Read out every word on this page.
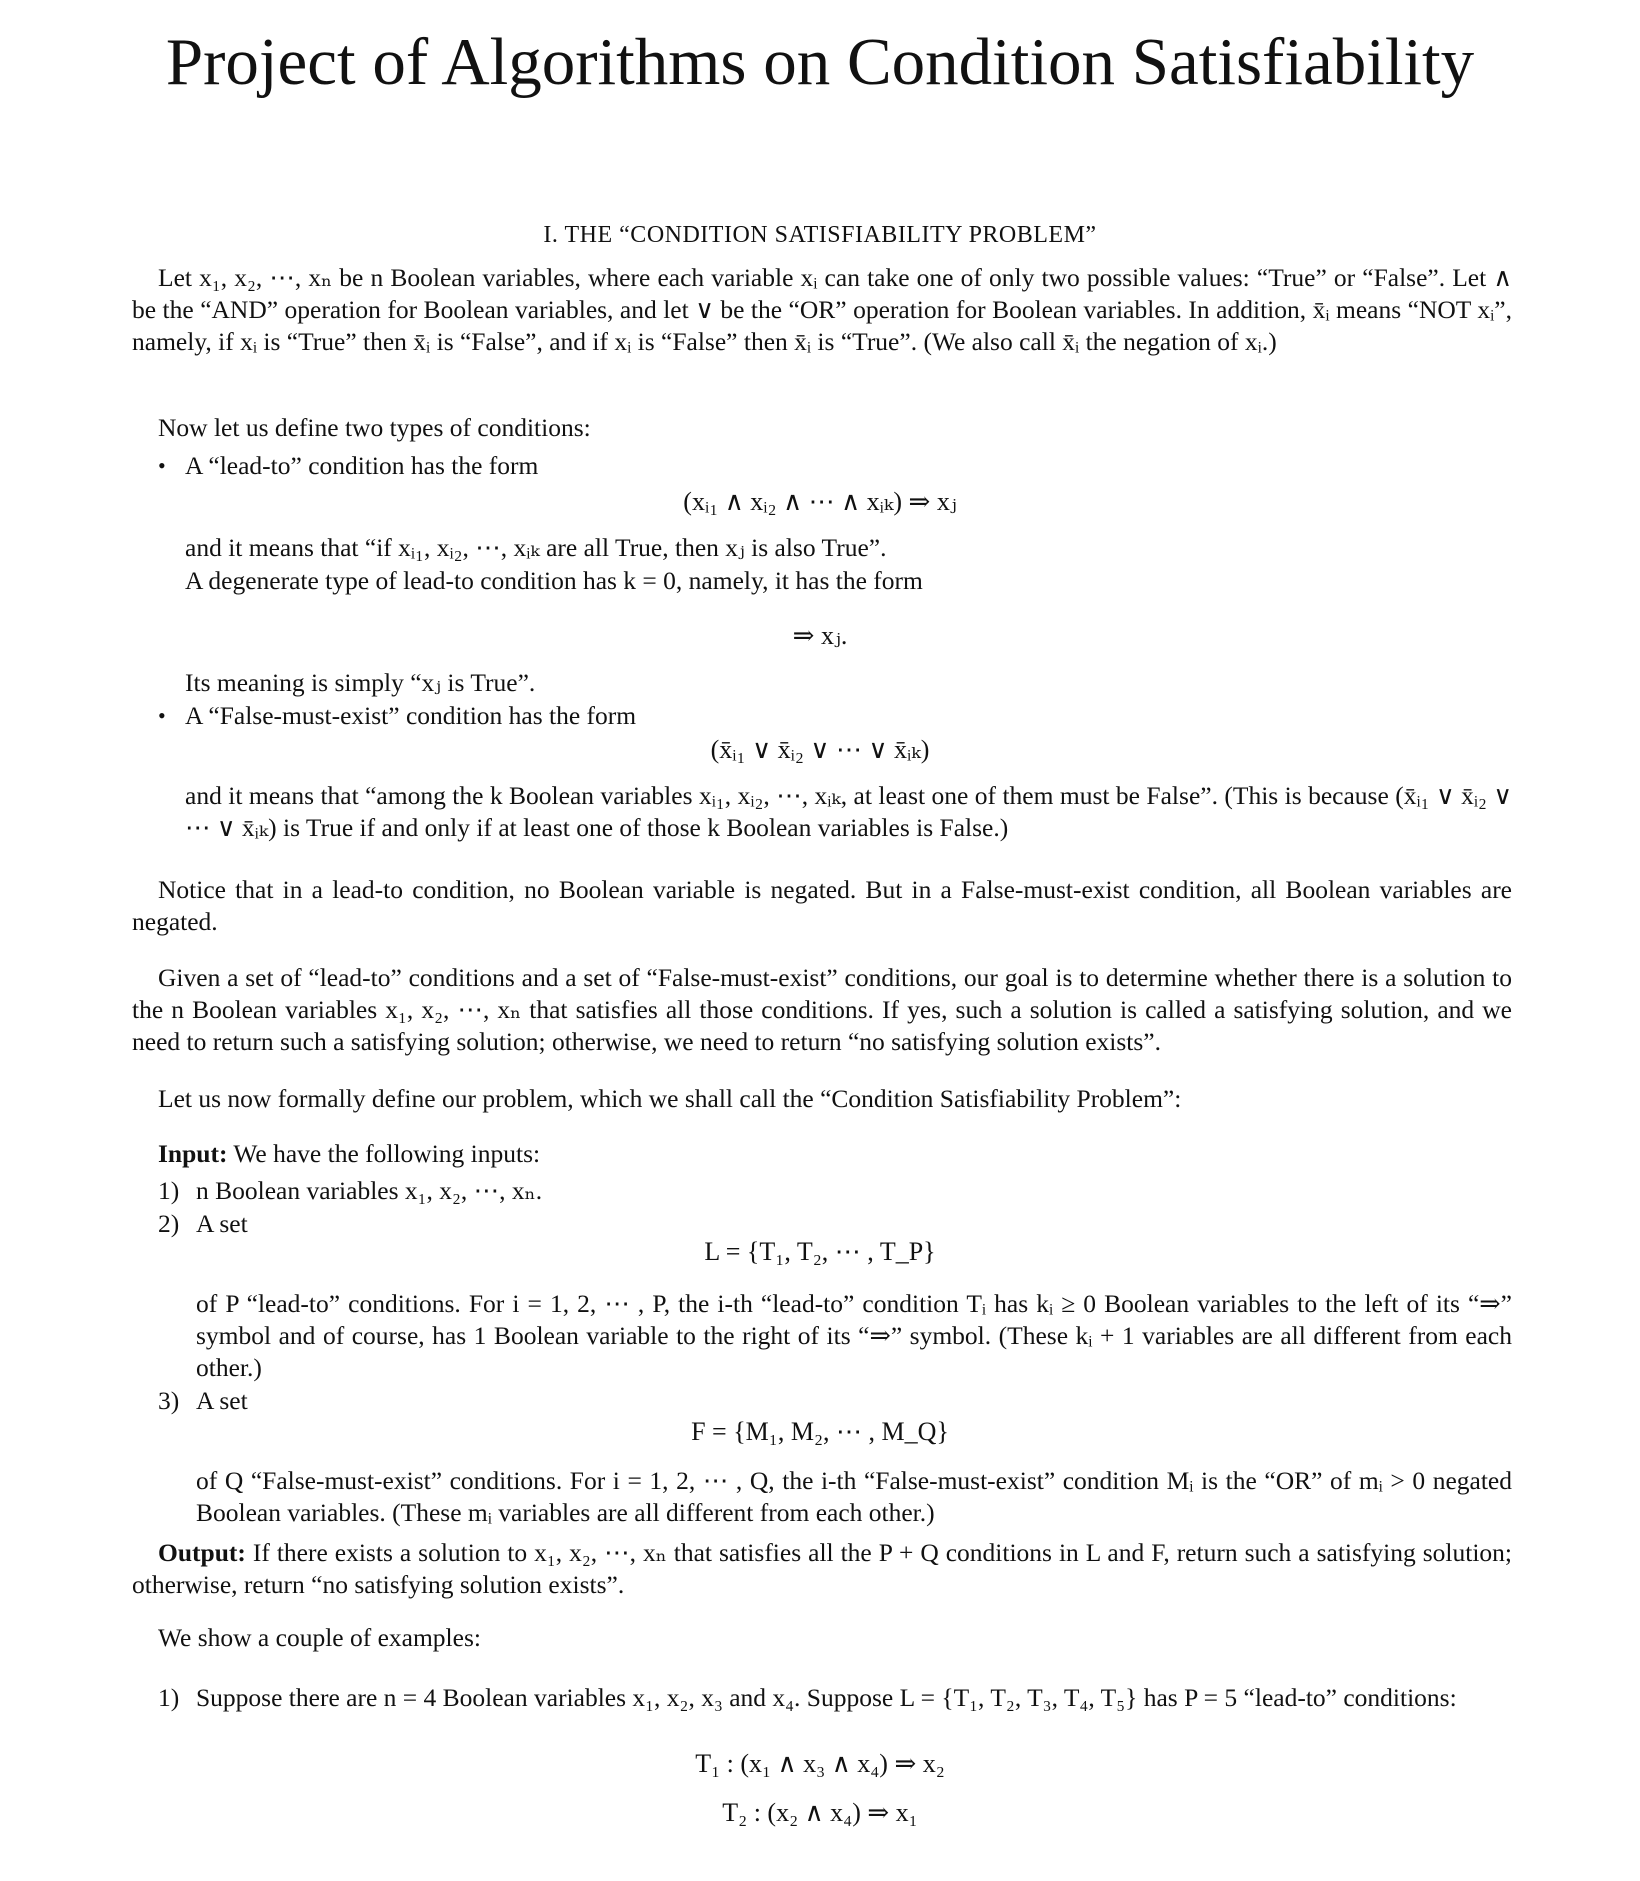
Project of Algorithms on Condition Satisfiability
I. THE “CONDITION SATISFIABILITY PROBLEM”
Let x₁, x₂, ⋯, xₙ be n Boolean variables, where each variable xᵢ can take one of only two possible values: “True” or “False”. Let ∧ be the “AND” operation for Boolean variables, and let ∨ be the “OR” operation for Boolean variables. In addition, x̄ᵢ means “NOT xᵢ”, namely, if xᵢ is “True” then x̄ᵢ is “False”, and if xᵢ is “False” then x̄ᵢ is “True”. (We also call x̄ᵢ the negation of xᵢ.)
Now let us define two types of conditions:
• A “lead-to” condition has the form
(xᵢ₁ ∧ xᵢ₂ ∧ ⋯ ∧ xᵢₖ) ⇒ xⱼ
and it means that “if xᵢ₁, xᵢ₂, ⋯, xᵢₖ are all True, then xⱼ is also True”.
A degenerate type of lead-to condition has k = 0, namely, it has the form
⇒ xⱼ.
Its meaning is simply “xⱼ is True”.
• A “False-must-exist” condition has the form
(x̄ᵢ₁ ∨ x̄ᵢ₂ ∨ ⋯ ∨ x̄ᵢₖ)
and it means that “among the k Boolean variables xᵢ₁, xᵢ₂, ⋯, xᵢₖ, at least one of them must be False”. (This is because (x̄ᵢ₁ ∨ x̄ᵢ₂ ∨ ⋯ ∨ x̄ᵢₖ) is True if and only if at least one of those k Boolean variables is False.)
Notice that in a lead-to condition, no Boolean variable is negated. But in a False-must-exist condition, all Boolean variables are negated.
Given a set of “lead-to” conditions and a set of “False-must-exist” conditions, our goal is to determine whether there is a solution to the n Boolean variables x₁, x₂, ⋯, xₙ that satisfies all those conditions. If yes, such a solution is called a satisfying solution, and we need to return such a satisfying solution; otherwise, we need to return “no satisfying solution exists”.
Let us now formally define our problem, which we shall call the “Condition Satisfiability Problem”:
Input: We have the following inputs:
1) n Boolean variables x₁, x₂, ⋯, xₙ.
2) A set
L = {T₁, T₂, ⋯ , T_P}
of P “lead-to” conditions. For i = 1, 2, ⋯ , P, the i-th “lead-to” condition Tᵢ has kᵢ ≥ 0 Boolean variables to the left of its “⇒” symbol and of course, has 1 Boolean variable to the right of its “⇒” symbol. (These kᵢ + 1 variables are all different from each other.)
3) A set
F = {M₁, M₂, ⋯ , M_Q}
of Q “False-must-exist” conditions. For i = 1, 2, ⋯ , Q, the i-th “False-must-exist” condition Mᵢ is the “OR” of mᵢ > 0 negated Boolean variables. (These mᵢ variables are all different from each other.)
Output: If there exists a solution to x₁, x₂, ⋯, xₙ that satisfies all the P + Q conditions in L and F, return such a satisfying solution; otherwise, return “no satisfying solution exists”.
We show a couple of examples:
1) Suppose there are n = 4 Boolean variables x₁, x₂, x₃ and x₄. Suppose L = {T₁, T₂, T₃, T₄, T₅} has P = 5 “lead-to” conditions:
T₁ : (x₁ ∧ x₃ ∧ x₄) ⇒ x₂
T₂ : (x₂ ∧ x₄) ⇒ x₁
